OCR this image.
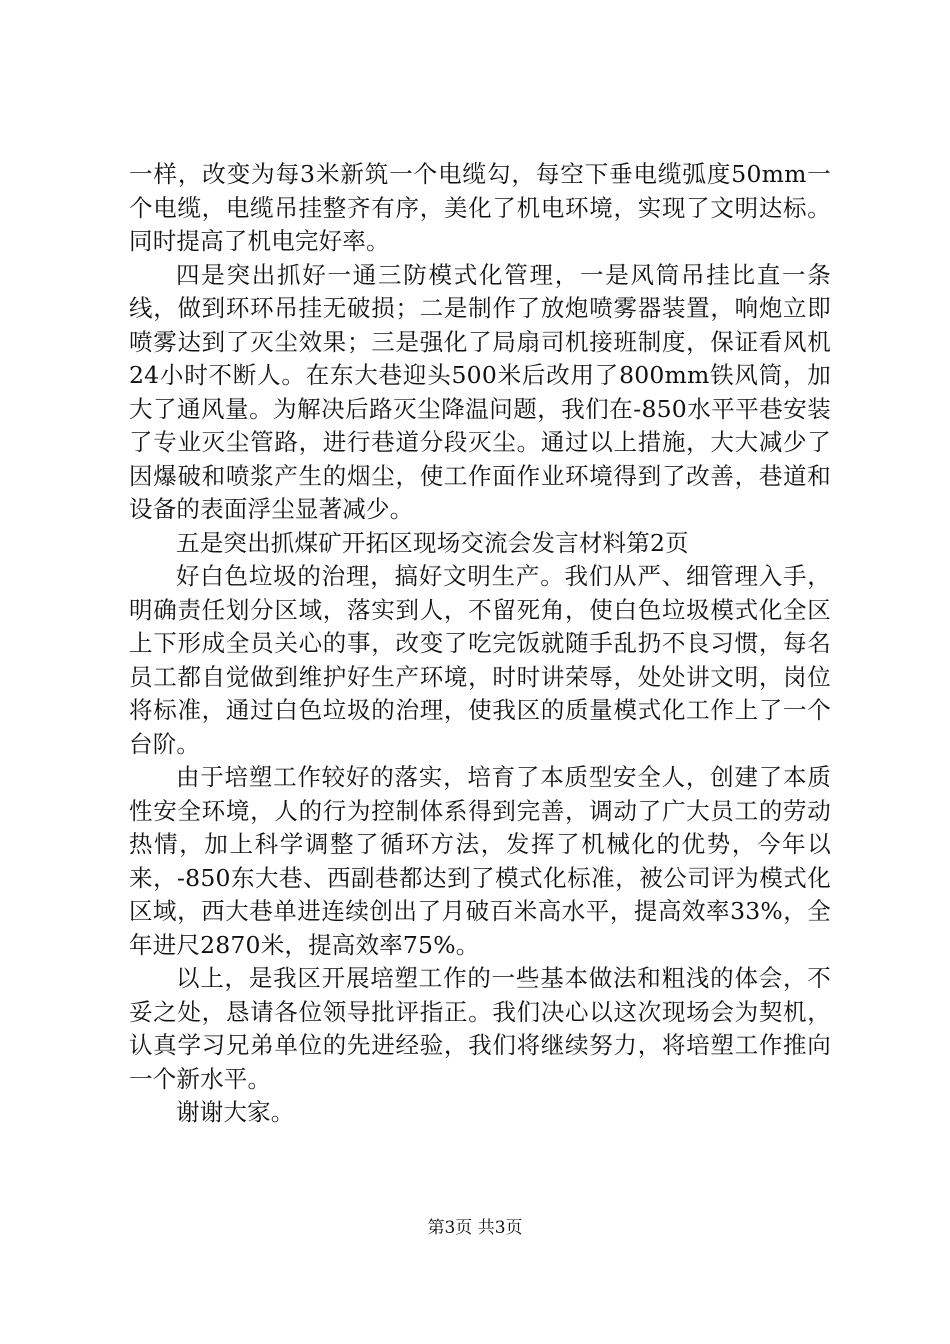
一样，改变为每3米新筑一个电缆勾，每空下垂电缆弧度50mm一个电缆，电缆吊挂整齐有序，美化了机电环境，实现了文明达标。同时提高了机电完好率。

四是突出抓好一通三防模式化管理，一是风筒吊挂比直一条线，做到环环吊挂无破损；二是制作了放炮喷雾器装置，响炮立即喷雾达到了灭尘效果；三是强化了局扇司机接班制度，保证看风机24小时不断人。在东大巷迎头500米后改用了800mm铁风筒，加大了通风量。为解决后路灭尘降温问题，我们在-850水平平巷安装了专业灭尘管路，进行巷道分段灭尘。通过以上措施，大大减少了因爆破和喷浆产生的烟尘，使工作面作业环境得到了改善，巷道和设备的表面浮尘显著减少。

五是突出抓煤矿开拓区现场交流会发言材料第2页

好白色垃圾的治理，搞好文明生产。我们从严、细管理入手，明确责任划分区域，落实到人，不留死角，使白色垃圾模式化全区上下形成全员关心的事，改变了吃完饭就随手乱扔不良习惯，每名员工都自觉做到维护好生产环境，时时讲荣辱，处处讲文明，岗位将标准，通过白色垃圾的治理，使我区的质量模式化工作上了一个台阶。

由于培塑工作较好的落实，培育了本质型安全人，创建了本质性安全环境，人的行为控制体系得到完善，调动了广大员工的劳动热情，加上科学调整了循环方法，发挥了机械化的优势，今年以来，-850东大巷、西副巷都达到了模式化标准，被公司评为模式化区域，西大巷单进连续创出了月破百米高水平，提高效率33%，全年进尺2870米，提高效率75%。

以上，是我区开展培塑工作的一些基本做法和粗浅的体会，不妥之处，恳请各位领导批评指正。我们决心以这次现场会为契机，认真学习兄弟单位的先进经验，我们将继续努力，将培塑工作推向一个新水平。

谢谢大家。

第3页 共3页
